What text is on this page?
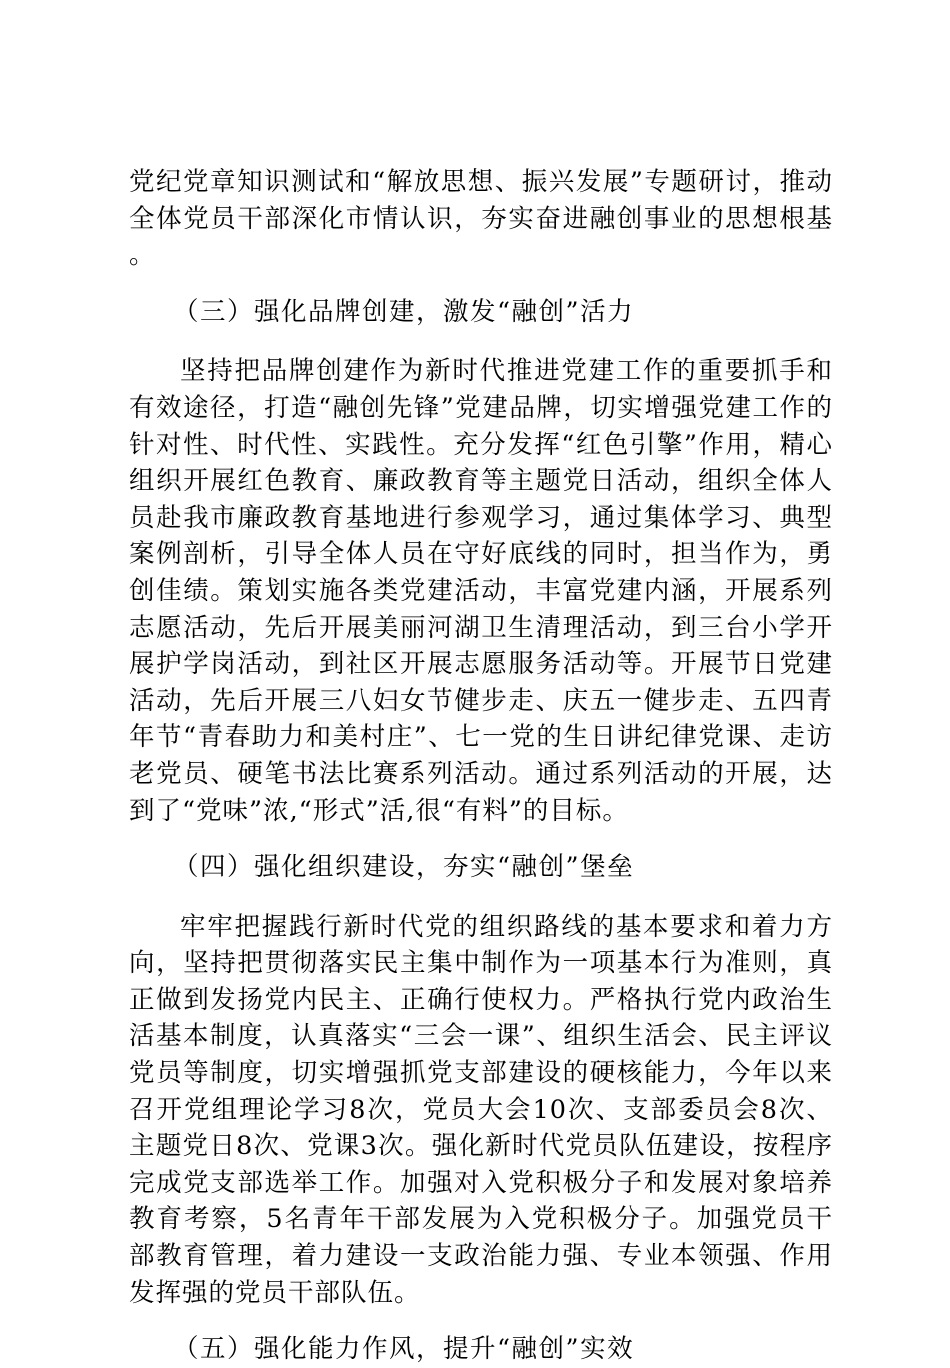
党纪党章知识测试和“解放思想、振兴发展”专题研讨，推动全体党员干部深化市情认识，夯实奋进融创事业的思想根基。

（三）强化品牌创建，激发“融创”活力

坚持把品牌创建作为新时代推进党建工作的重要抓手和有效途径，打造“融创先锋”党建品牌，切实增强党建工作的针对性、时代性、实践性。充分发挥“红色引擎”作用，精心组织开展红色教育、廉政教育等主题党日活动，组织全体人员赴我市廉政教育基地进行参观学习，通过集体学习、典型案例剖析，引导全体人员在守好底线的同时，担当作为，勇创佳绩。策划实施各类党建活动，丰富党建内涵，开展系列志愿活动，先后开展美丽河湖卫生清理活动，到三台小学开展护学岗活动，到社区开展志愿服务活动等。开展节日党建活动，先后开展三八妇女节健步走、庆五一健步走、五四青年节“青春助力和美村庄”、七一党的生日讲纪律党课、走访老党员、硬笔书法比赛系列活动。通过系列活动的开展，达到了“党味”浓,“形式”活,很“有料”的目标。

（四）强化组织建设，夯实“融创”堡垒

牢牢把握践行新时代党的组织路线的基本要求和着力方向，坚持把贯彻落实民主集中制作为一项基本行为准则，真正做到发扬党内民主、正确行使权力。严格执行党内政治生活基本制度，认真落实“三会一课”、组织生活会、民主评议党员等制度，切实增强抓党支部建设的硬核能力，今年以来召开党组理论学习8次，党员大会10次、支部委员会8次、主题党日8次、党课3次。强化新时代党员队伍建设，按程序完成党支部选举工作。加强对入党积极分子和发展对象培养教育考察，5名青年干部发展为入党积极分子。加强党员干部教育管理，着力建设一支政治能力强、专业本领强、作用发挥强的党员干部队伍。

（五）强化能力作风，提升“融创”实效
